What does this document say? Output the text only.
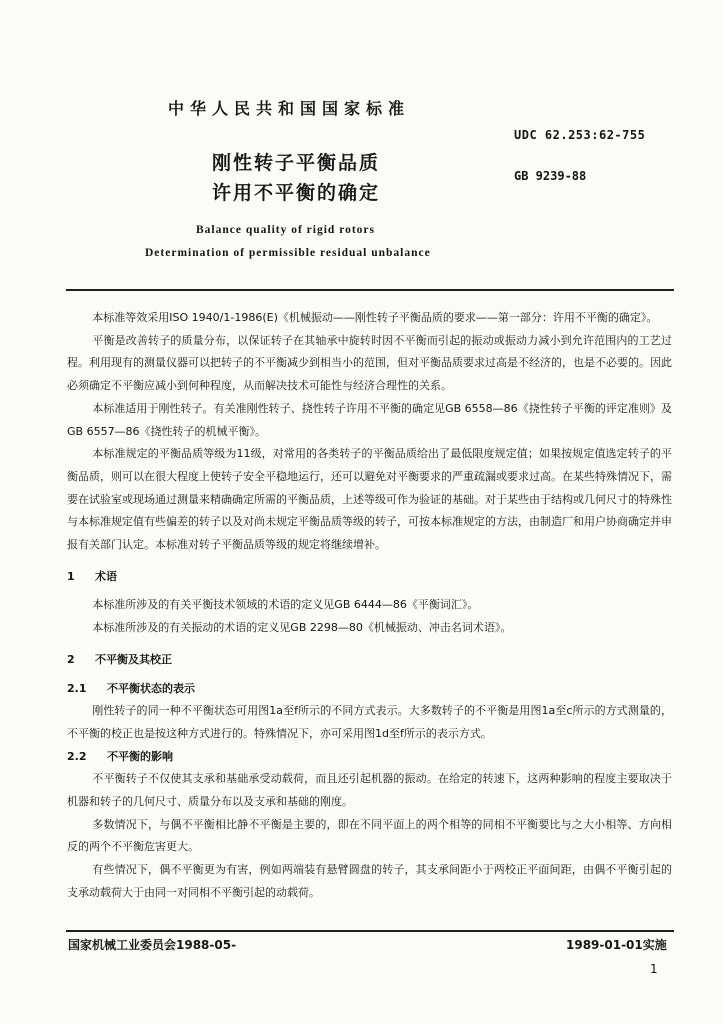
中华人民共和国国家标准
UDC 62.253:62-755
GB 9239-88
刚性转子平衡品质
许用不平衡的确定
Balance quality of rigid rotors
Determination of permissible residual unbalance

本标准等效采用ISO 1940/1-1986(E)《机械振动——刚性转子平衡品质的要求——第一部分：许用不平衡的确定》。

平衡是改善转子的质量分布，以保证转子在其轴承中旋转时因不平衡而引起的振动或振动力减小到允许范围内的工艺过程。利用现有的测量仪器可以把转子的不平衡减少到相当小的范围，但对平衡品质要求过高是不经济的，也是不必要的。因此必须确定不平衡应减小到何种程度，从而解决技术可能性与经济合理性的关系。

本标准适用于刚性转子。有关准刚性转子、挠性转子许用不平衡的确定见GB 6558—86《挠性转子平衡的评定准则》及GB 6557—86《挠性转子的机械平衡》。

本标准规定的平衡品质等级为11级，对常用的各类转子的平衡品质给出了最低限度规定值；如果按规定值选定转子的平衡品质，则可以在很大程度上使转子安全平稳地运行，还可以避免对平衡要求的严重疏漏或要求过高。在某些特殊情况下，需要在试验室或现场通过测量来精确确定所需的平衡品质，上述等级可作为验证的基础。对于某些由于结构或几何尺寸的特殊性与本标准规定值有些偏差的转子以及对尚未规定平衡品质等级的转子，可按本标准规定的方法，由制造厂和用户协商确定并申报有关部门认定。本标准对转子平衡品质等级的规定将继续增补。

1 术语

本标准所涉及的有关平衡技术领域的术语的定义见GB 6444—86《平衡词汇》。

本标准所涉及的有关振动的术语的定义见GB 2298—80《机械振动、冲击名词术语》。

2 不平衡及其校正

2.1 不平衡状态的表示

刚性转子的同一种不平衡状态可用图1a至f所示的不同方式表示。大多数转子的不平衡是用图1a至c所示的方式测量的，不平衡的校正也是按这种方式进行的。特殊情况下，亦可采用图1d至f所示的表示方式。

2.2 不平衡的影响

不平衡转子不仅使其支承和基础承受动载荷，而且还引起机器的振动。在给定的转速下，这两种影响的程度主要取决于机器和转子的几何尺寸、质量分布以及支承和基础的刚度。

多数情况下，与偶不平衡相比静不平衡是主要的，即在不同平面上的两个相等的同相不平衡要比与之大小相等、方向相反的两个不平衡危害更大。

有些情况下，偶不平衡更为有害，例如两端装有悬臂圆盘的转子，其支承间距小于两校正平面间距，由偶不平衡引起的支承动载荷大于由同一对同相不平衡引起的动载荷。

国家机械工业委员会1988-05-	1989-01-01实施
1
